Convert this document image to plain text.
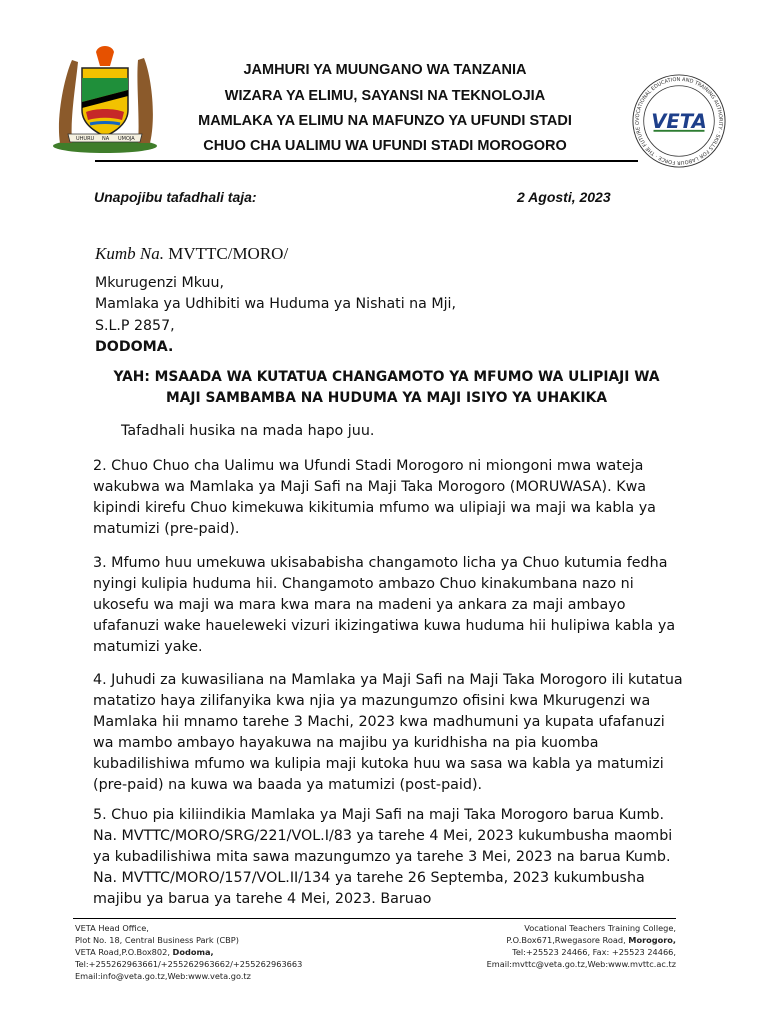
UHURU NA UMOJA
JAMHURI YA MUUNGANO WA TANZANIA
WIZARA YA ELIMU, SAYANSI NA TEKNOLOJIA
MAMLAKA YA ELIMU NA MAFUNZO YA UFUNDI STADI
CHUO CHA UALIMU WA UFUNDI STADI MOROGORO
VOCATIONAL EDUCATION AND TRAINING AUTHORITY · SKILLS FOR LABOUR FORCE · THE FUTURE O VETA
Unapojibu tafadhali taja:	2 Agosti, 2023
Kumb Na. MVTTC/MORO/
Mkurugenzi Mkuu,
Mamlaka ya Udhibiti wa Huduma ya Nishati na Mji,
S.L.P 2857,
DODOMA.
YAH: MSAADA WA KUTATUA CHANGAMOTO YA MFUMO WA ULIPIAJI WA
MAJI SAMBAMBA NA HUDUMA YA MAJI ISIYO YA UHAKIKA
Tafadhali husika na mada hapo juu.
2. Chuo Chuo cha Ualimu wa Ufundi Stadi Morogoro ni miongoni mwa wateja wakubwa wa Mamlaka ya Maji Safi na Maji Taka Morogoro (MORUWASA). Kwa kipindi kirefu Chuo kimekuwa kikitumia mfumo wa ulipiaji wa maji wa kabla ya matumizi (pre-paid).
3. Mfumo huu umekuwa ukisababisha changamoto licha ya Chuo kutumia fedha nyingi kulipia huduma hii. Changamoto ambazo Chuo kinakumbana nazo ni ukosefu wa maji wa mara kwa mara na madeni ya ankara za maji ambayo ufafanuzi wake haueleweki vizuri ikizingatiwa kuwa huduma hii hulipiwa kabla ya matumizi yake.
4. Juhudi za kuwasiliana na Mamlaka ya Maji Safi na Maji Taka Morogoro ili kutatua matatizo haya zilifanyika kwa njia ya mazungumzo ofisini kwa Mkurugenzi wa Mamlaka hii mnamo tarehe 3 Machi, 2023 kwa madhumuni ya kupata ufafanuzi wa mambo ambayo hayakuwa na majibu ya kuridhisha na pia kuomba kubadilishiwa mfumo wa kulipia maji kutoka huu wa sasa wa kabla ya matumizi (pre-paid) na kuwa wa baada ya matumizi (post-paid).
5. Chuo pia kiliindikia Mamlaka ya Maji Safi na maji Taka Morogoro barua Kumb. Na. MVTTC/MORO/SRG/221/VOL.I/83 ya tarehe 4 Mei, 2023 kukumbusha maombi ya kubadilishiwa mita sawa mazungumzo ya tarehe 3 Mei, 2023 na barua Kumb. Na. MVTTC/MORO/157/VOL.II/134 ya tarehe 26 Septemba, 2023 kukumbusha majibu ya barua ya tarehe 4 Mei, 2023. Baruao
VETA Head Office,
Plot No. 18, Central Business Park (CBP)
VETA Road,P.O.Box802, Dodoma,
Tel:+255262963661/+255262963662/+255262963663
Email:info@veta.go.tz,Web:www.veta.go.tz
Vocational Teachers Training College,
P.O.Box671,Rwegasore Road, Morogoro,
Tel:+25523 24466, Fax: +25523 24466,
Email:mvttc@veta.go.tz,Web:www.mvttc.ac.tz
